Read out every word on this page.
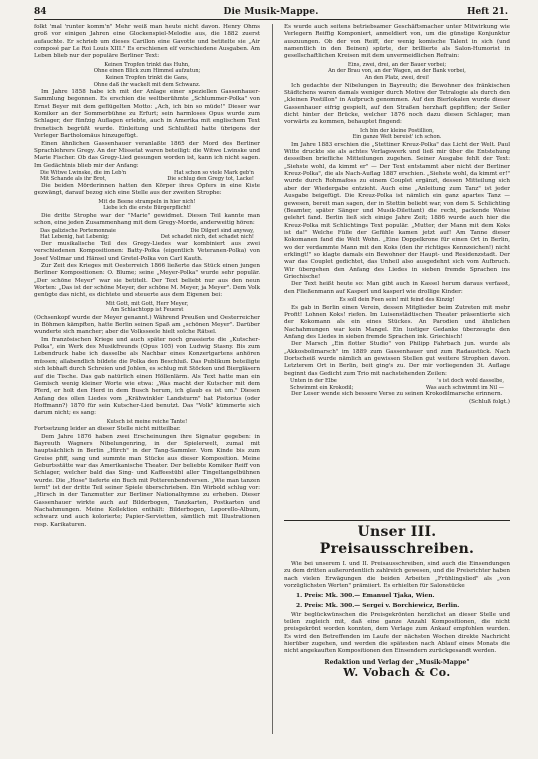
84	Die Musik-Mappe.	Heft 21.

folkt 'mal 'runter komm'n" Mehr weiß man heute nicht davon. Henry Ohms groß vor einigen Jahren eine Glockenspiel-Melodie aus, die 1882 zuerst aufauchte. Er schrieb um dieses Carillon eine Gavotte und betitelte sie „Air composé par Le Roi Louis XIII." Es erschienen elf verschiedene Ausgaben. Am Leben blieb nur der populäre Berliner Text:

Keinen Tropfen trinkt das Huhn,
Ohne einen Blick zum Himmel aufzutun;
Keinen Tropfen trinkt die Gans,
Ohne daß ihr wackelt mit dem Schwanz.

Im Jahre 1858 habe ich mit der Anlage einer speziellen Gassenhauer-Sammlung begonnen. Es erschien die weltberühmte „Schlummer-Polka" von Ernst Beyer mit dem geflügelten Motto: „Ach, ich bin so müde!" Dieser war Komiker an der Sommerbühne zu Erfurt; sein harmloses Opus wurde zum Schlager, der fünfzig Auflagen erlebte, auch in Amerika mit englischem Text frenetisch begrüßt wurde. Einleitung und Schlußteil hatte übrigens der Verleger Bartholomäus hinzugefügt.

Einen ähnlichen Gassenhauer veranlaßte 1865 der Mord des Berliner Sprachlehrers Gregy. An der Missetat waren beteiligt: die Witwe Lwinske und Marie Fischer. Ob das Gregy-Lied gesungen worden ist, kann ich nicht sagen. Im Gedächtnis blieb mir der Anfang:

Die Witwe Lwinske, die im Leb'n	Hat schon so viele Mark geb'n
Mit Schande als ihr Brot,	Die schlug den Gregy tot, Lacke!

Die beiden Mörderinnen hatten den Körper ihres Opfers in eine Kiste gezwängt, darauf bezog sich eine Stelle aus der zweiten Strophe:

Mit de Beene strampeln in hier nich!
Liebe ich die erste Bürgerpflicht!

Die dritte Strophe war der "Marie" gewidmet. Diesen Teil kannte man schon, eine jeden Zusammenhang mit dem Gregy-Morde, anderweitig hören:

Das galizische Portemonnaie	Die Dilgerl sind anyway,
Hat Lebenig, hat Lebenig;	Det schadet nich, det schadet nich!

Der musikalische Teil des Gregy-Liedes war kombiniert aus zwei verschiedenen Kompositionen: Batty-Polka (eigentlich Veteranen-Polka) von Josef Vollmar und Hänsel und Gretel-Polka von Carl Kauth.

Zur Zeit des Krieges mit Oesterreich 1866 ließerte das Stück einen jungen Berliner Kompositionen: O. Blume; seine „Meyer-Polka" wurde sehr populär. „Der schöne Meyer" war sie betitelt. Der Text beliebt nur aus den neun Worten: „Das ist der schöne Meyer, der schöne M. Meyer, ja Meyer". Dem Volk genügte das nicht, es dichtete und steuerte aus dem Eigenen bei:

Mit Gott, mit Gott, Herr Meyer,
Am Schlachtopp ist Feuerst

(Ochsenkopf wurde der Meyer genannt.) Während Preußen und Oesterreicher in Böhmen kämpften, hatte Berlin seinen Spaß am „schönen Meyer". Darüber wunderte sich mancher; aber die Volksseele hielt solche Rätsel.

Im französischen Kriege und auch später noch grassierte die „Kutscher-Polka", ein Werk des Musikfreunds (Opus 105) von Ludwig Stasny. Bis zum Lebendruck habe ich dasselbe als Nachbar eines Konzertgartens anhören müssen; allabendlich bildete die Polka den Beschluß. Das Publikum beteiligte sich lebhaft durch Schreien und Johlen, es schlug mit Stöcken und Biergläsern auf die Tische. Das gab natürlich einen Höllenlärm. Als Text hatte man ein Gemisch wenig kleiner Worte wie etwa: „Was macht der Kutscher mit dem Pferd, er holt den Herd in dem Busch herum, ich glaub es ist um." Diesen Anfang des ollen Liedes vom „Krähwinkler Landsturm" hat Pistorius (oder Hoffmann?) 1870 für sein Kutscher-Lied benutzt. Das "Volk" kümmerte sich darum nicht; es sang:

Kutsch ist meine reiche Tante!

Fortsetzung leider an dieser Stelle nicht mitteilbar.

Dem Jahre 1876 haben zwei Erscheinungen ihre Signatur gegeben: in Bayreuth Wagners Nibelungenring, in der Spielerwelt, zumal mit hauptsächlich in Berlin „Hirch" in der Tang-Sammler. Vom Kinde bis zum Greise pfiff, sang und summte man Stücke aus dieser Komposition. Meine Geburtsstätte war das Amerikanische Theater. Der beliebte Komiker Reiff von Schlager, welcher bald das Sing- und Kaffeestübl aller Tingeltangelbühnen wurde. Die „Hose" lieferte ein Buch mit Potterenbendversen. „Wie man tanzen lernt" ist der dritte Teil seiner Spiele überschrieben. Ein Wirbold schlug vor: „Hirsch in der Tanzmutter zur Berliner Nationalhymne zu erheben. Dieser Gassenhauer wirkte auch auf Bilderbogen, Tanzkarten, Postkarten und Nachahmungen. Meine Kollektion enthält: Bilderbogen, Leporello-Album, schwarz und auch kolorierte; Papier-Servietten, sämtlich mit Illustrationen resp. Karikaturen.

Es wurde auch seitens betriebsamer Geschäftsmacher unter Mitwirkung wie Verlegern Reiffig Komponiert, anmeldiert von, um die günstige Konjunktur auszuungen. Ob der von Reiff, der wenig komische Talent in sich (und namentlich in den Beinen) spürte, der brillierte als Salon-Humorist in gesellschaftlichen Kreisen mit dem unvermeidlichen Refrain:

Eins, zwei, drei, an der Bauer vorbei;
An der Brau von, an der Wagen, an der Bank vorbei,
An den Platz, zwei, drei!

Ich gedachte der Nibelungen in Bayreuth; die Bewohner des fränkischen Städtchens waren damals weniger durch Motive der Tetralogie als durch den „kleinen Postillon" in Aufpruch genommen. Auf den Bierlokalen wurde dieser Gassenhauer eifrig gespielt, auf den Straßen herzhaft gepfiffen; der Seiler dicht hinter der Brücke, welcher 1876 noch dazu diesen Schlager, man vorwärts zu kommen, behauptet fingend:

Ich bin der kleine Postillion,
Ein ganze Welt bereist' ich schon.

Im Jahre 1883 erschien die „Stettiner Kreuz-Polka" das Licht der Welt. Paul Witte druckte sie als achtes Verlagswerk und ließ mir über die Entstehung desselben briefliche Mitteilungen zugehen. Seiner Ausgabe fehlt der Text: „Siehste wohl, da kimmt er" — Der Text entstammt aber nicht der Berliner Kreuz-Polka", die als Nach-Auflag 1887 erschien. „Siehste wohl, da kimmt er!" wurde durch Rohmafoss zu einem Couplet ergänzt, dessen Mitteilung sich aber der Wiedergabe entzieht. Auch eine „Anleitung zum Tanz" ist jeder Ausgabe beigefügt. Die Kreuz-Polka ist nämlich ein ganz apartes Tanz — gewesen, bereit man sagen, der in Stettin beliebt war, von dem S. Schlichting (Beamter, später Sänger und Musik-Dilettant) die recht, packende Weise gelehrt fand. Berlin ließ sich einige Jahre Zeit; 1886 wurde auch hier die Kreuz-Polka mit Schlichtings Text populär. „Mutter, der Mann mit dem Koks ist da!" Welche Fülle der Gefühle kamen jetzt auf! Am Tanne dieser Kokomanen fand die Welt Wohn. „Eine Doppelkrone für einen Ort in Berlin, wo der verdammte Mann mit den Koks (den ihr richtiges Kennzeichen!) nicht erklingt!" so klagte damals ein Bewohner der Haupt- und Residenzstadt. Der war das Couplet gedichtet, das Unheil also ausgedehnt sich vom Aufbruch. Wir übergehen den Anfang des Liedes in sieben fremde Sprachen ins Griechische!

Der Text heißt heute so: Man gibt auch in Kassel herum daraus verfasst, den Fließenmann auf Kasperl und kasperl wie drollige Kinder:

Es soll dein Feen sein! mit feind des Kinzig!

Es gab in Berlin einen Verein, dessen Mitglieder beim Zutreten mit mehr Profit! Lohnen Koks! riefen. Im Luisenstädtischen Theater präsentierte sich der Kokomann als ein eines Stückes. An Parodien und ähnlichen Nachahmungen war kein Mangel. Ein lustiger Gedanke überzeugte den Anfang des Liedes in sieben fremde Sprachen ink. Griechisch!

Der Marsch „Ein flotter Studio" von Philipp Fahrbach jun. wurde als „Akkosbolimarsch" im 1889 zum Gassenhauer und zum Radaustück. Nach Dortscheiß wurde nämlich an gewissen Stellen gut weitere Strophen davon. Letzterem Ort in Berlin, beit ging's zu. Der mir vorliegenden 3t. Auflage beginnt das Gedicht zum Trio mit nachstehenden Zeilen:

Unten in der Elbe	's ist doch wohl dasselbe,
Schwimmt ein Krokodil;	Was auch schwimmt im Nil —

Der Leser wende sich bessere Verse zu seinen Krokodilmarsche erinnern.

(Schluß folgt.)
Unser III. Preisausschreiben.

Wie bei unserem I. und II. Preisausschreiben, sind auch die Einsendungen zu dem dritten außerordentlich zahlreich gewesen, und die Preisrichter haben nach vielen Erwägungen die beiden Arbeiten „Frühlingslied" als „von vorzüglichsten Werten" prämiiert. Es erhielten für Salonstücke

1. Preis: Mk. 300.— Emanuel Tjaka, Wien.
2. Preis: Mk. 300.— Sergei v. Borchiewicz, Berlin.

Wir beglückwünschen die Preisgekrönten herzlichst an dieser Stelle und teilen zugleich mit, daß eine ganze Anzahl Kompositionen, die nicht preisgekrönt worden konnten, dem Verlage zum Ankauf empfohlen wurden. Es wird den Betreffenden im Laufe der nächsten Wochen direkte Nachricht hierüber zugehen, und werden die spätesten nach Ablauf eines Monats die nicht angekauften Kompositionen den Einsendern zurückgesandt werden.

Redaktion und Verlag der „Musik-Mappe"
W. Vobach & Co.
